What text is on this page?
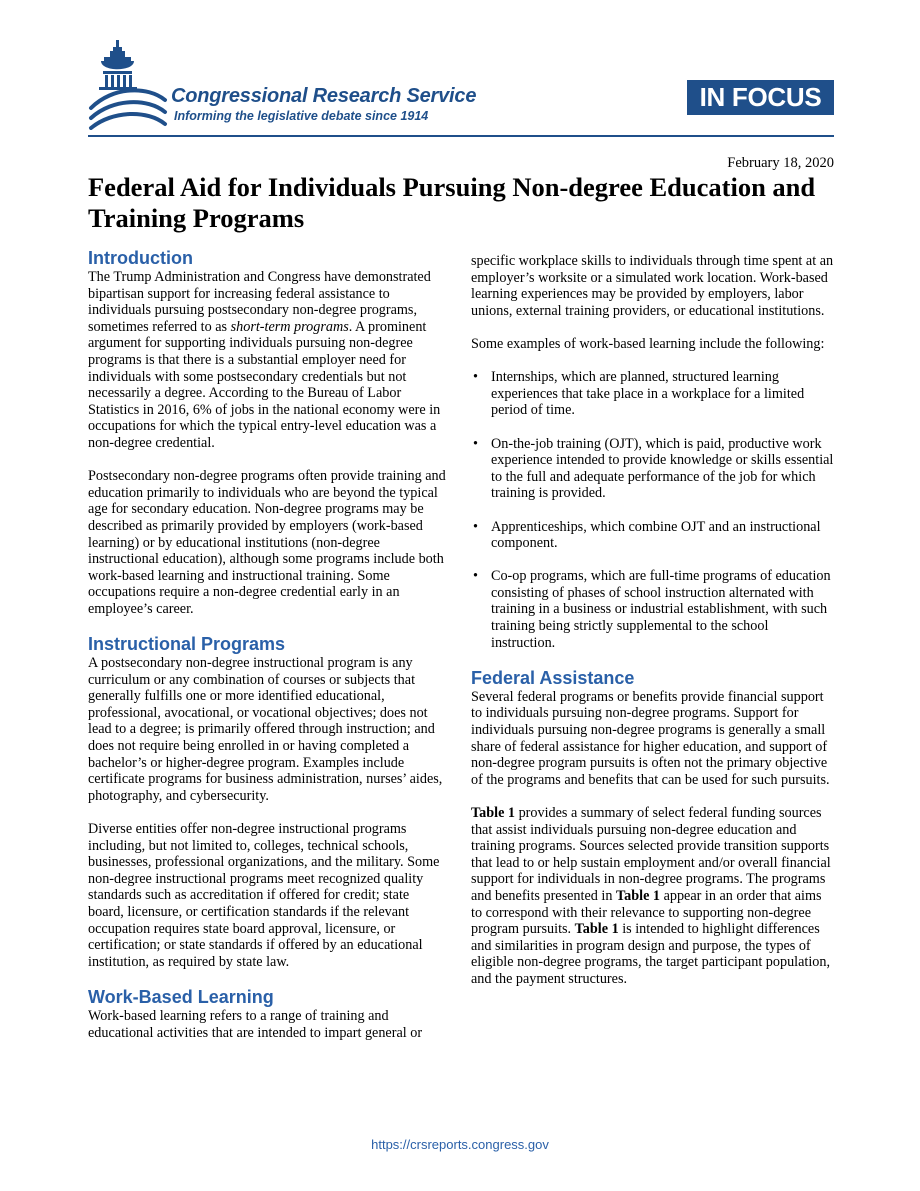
Congressional Research Service
Informing the legislative debate since 1914
IN FOCUS
February 18, 2020
Federal Aid for Individuals Pursuing Non-degree Education and Training Programs
Introduction

The Trump Administration and Congress have demonstrated bipartisan support for increasing federal assistance to individuals pursuing postsecondary non-degree programs, sometimes referred to as short-term programs. A prominent argument for supporting individuals pursuing non-degree programs is that there is a substantial employer need for individuals with some postsecondary credentials but not necessarily a degree. According to the Bureau of Labor Statistics in 2016, 6% of jobs in the national economy were in occupations for which the typical entry-level education was a non-degree credential.

Postsecondary non-degree programs often provide training and education primarily to individuals who are beyond the typical age for secondary education. Non-degree programs may be described as primarily provided by employers (work-based learning) or by educational institutions (non-degree instructional education), although some programs include both work-based learning and instructional training. Some occupations require a non-degree credential early in an employee’s career.

Instructional Programs

A postsecondary non-degree instructional program is any curriculum or any combination of courses or subjects that generally fulfills one or more identified educational, professional, avocational, or vocational objectives; does not lead to a degree; is primarily offered through instruction; and does not require being enrolled in or having completed a bachelor’s or higher-degree program. Examples include certificate programs for business administration, nurses’ aides, photography, and cybersecurity.

Diverse entities offer non-degree instructional programs including, but not limited to, colleges, technical schools, businesses, professional organizations, and the military. Some non-degree instructional programs meet recognized quality standards such as accreditation if offered for credit; state board, licensure, or certification standards if the relevant occupation requires state board approval, licensure, or certification; or state standards if offered by an educational institution, as required by state law.

Work-Based Learning

Work-based learning refers to a range of training and educational activities that are intended to impart general or

specific workplace skills to individuals through time spent at an employer’s worksite or a simulated work location. Work-based learning experiences may be provided by employers, labor unions, external training providers, or educational institutions.

Some examples of work-based learning include the following:

• Internships, which are planned, structured learning experiences that take place in a workplace for a limited period of time.
• On-the-job training (OJT), which is paid, productive work experience intended to provide knowledge or skills essential to the full and adequate performance of the job for which training is provided.
• Apprenticeships, which combine OJT and an instructional component.
• Co-op programs, which are full-time programs of education consisting of phases of school instruction alternated with training in a business or industrial establishment, with such training being strictly supplemental to the school instruction.
Federal Assistance

Several federal programs or benefits provide financial support to individuals pursuing non-degree programs. Support for individuals pursuing non-degree programs is generally a small share of federal assistance for higher education, and support of non-degree program pursuits is often not the primary objective of the programs and benefits that can be used for such pursuits.

Table 1 provides a summary of select federal funding sources that assist individuals pursuing non-degree education and training programs. Sources selected provide transition supports that lead to or help sustain employment and/or overall financial support for individuals in non-degree programs. The programs and benefits presented in Table 1 appear in an order that aims to correspond with their relevance to supporting non-degree program pursuits. Table 1 is intended to highlight differences and similarities in program design and purpose, the types of eligible non-degree programs, the target participant population, and the payment structures.

https://crsreports.congress.gov
